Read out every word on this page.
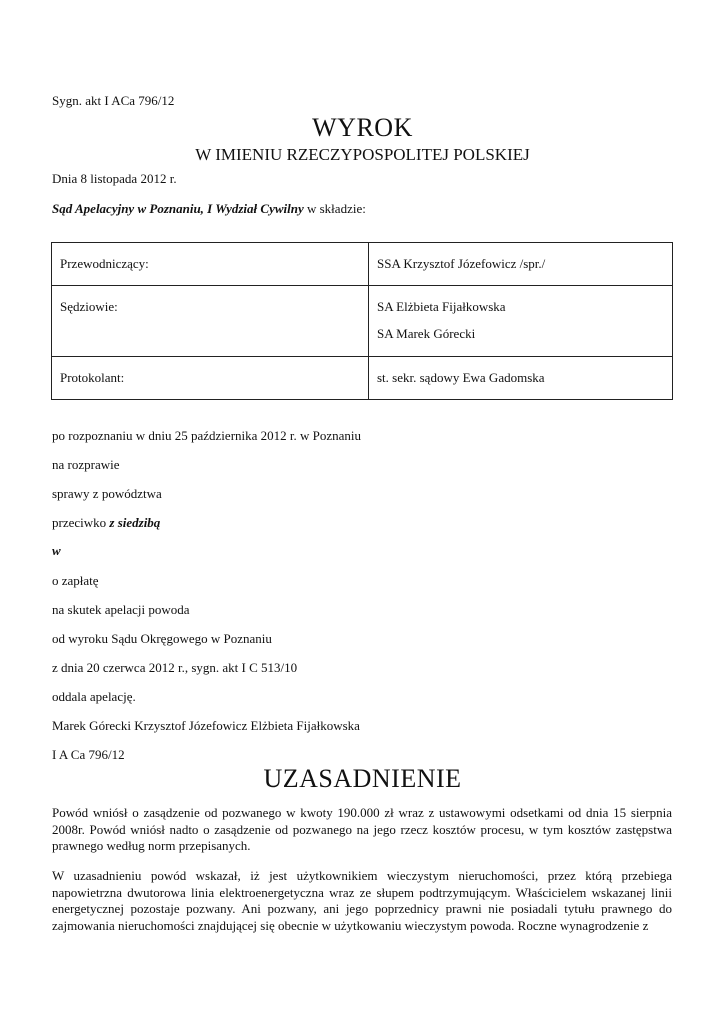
Sygn. akt I ACa 796/12
WYROK
W IMIENIU RZECZYPOSPOLITEJ POLSKIEJ
Dnia 8 listopada 2012 r.
Sąd Apelacyjny w Poznaniu, I Wydział Cywilny w składzie:
Przewodniczący:	SSA Krzysztof Józefowicz /spr./
Sędziowie:	SA Elżbieta Fijałkowska
SA Marek Górecki

Protokolant:	st. sekr. sądowy Ewa Gadomska
po rozpoznaniu w dniu 25 października 2012 r. w Poznaniu
na rozprawie
sprawy z powództwa
przeciwko z siedzibą
w
o zapłatę
na skutek apelacji powoda
od wyroku Sądu Okręgowego w Poznaniu
z dnia 20 czerwca 2012 r., sygn. akt I C 513/10
oddala apelację.
Marek Górecki Krzysztof Józefowicz Elżbieta Fijałkowska
I A Ca 796/12
UZASADNIENIE
Powód wniósł o zasądzenie od pozwanego w kwoty 190.000 zł wraz z ustawowymi odsetkami od dnia 15 sierpnia 2008r. Powód wniósł nadto o zasądzenie od pozwanego na jego rzecz kosztów procesu, w tym kosztów zastępstwa prawnego według norm przepisanych.
W uzasadnieniu powód wskazał, iż jest użytkownikiem wieczystym nieruchomości, przez którą przebiega napowietrzna dwutorowa linia elektroenergetyczna wraz ze słupem podtrzymującym. Właścicielem wskazanej linii energetycznej pozostaje pozwany. Ani pozwany, ani jego poprzednicy prawni nie posiadali tytułu prawnego do zajmowania nieruchomości znajdującej się obecnie w użytkowaniu wieczystym powoda. Roczne wynagrodzenie z
